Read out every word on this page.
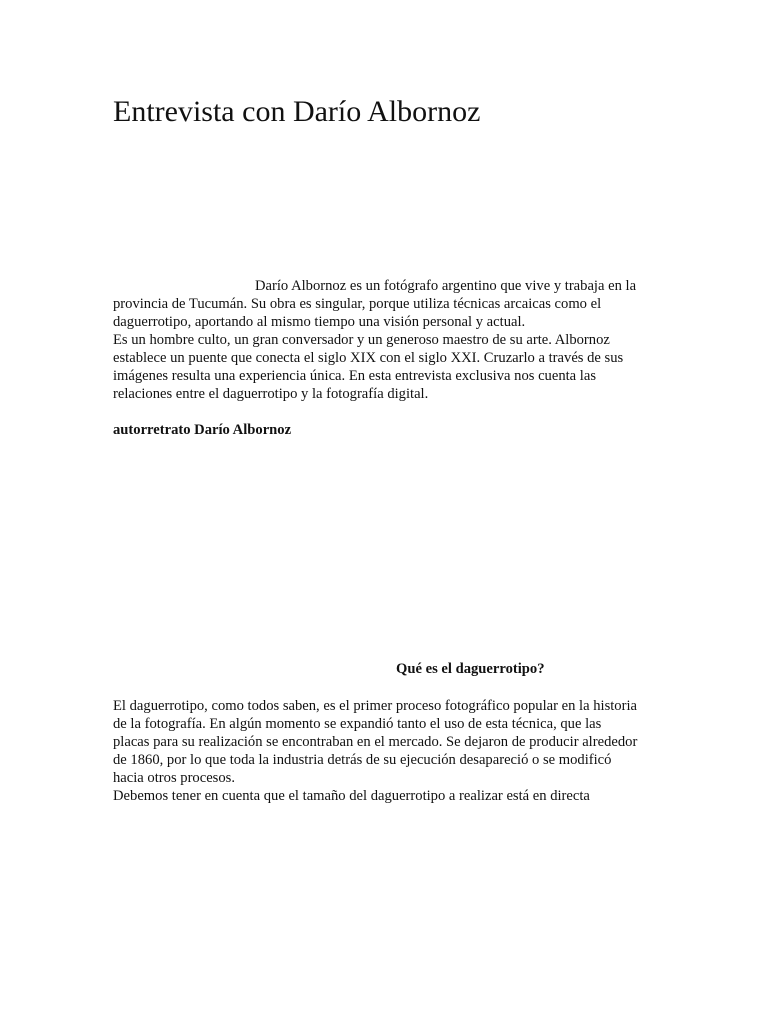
Entrevista con Darío Albornoz

Darío Albornoz es un fotógrafo argentino que vive y trabaja en la
provincia de Tucumán. Su obra es singular, porque utiliza técnicas arcaicas como el
daguerrotipo, aportando al mismo tiempo una visión personal y actual.
Es un hombre culto, un gran conversador y un generoso maestro de su arte. Albornoz
establece un puente que conecta el siglo XIX con el siglo XXI. Cruzarlo a través de sus
imágenes resulta una experiencia única. En esta entrevista exclusiva nos cuenta las
relaciones entre el daguerrotipo y la fotografía digital.

autorretrato Darío Albornoz

Qué es el daguerrotipo?

El daguerrotipo, como todos saben, es el primer proceso fotográfico popular en la historia
de la fotografía. En algún momento se expandió tanto el uso de esta técnica, que las
placas para su realización se encontraban en el mercado. Se dejaron de producir alrededor
de 1860, por lo que toda la industria detrás de su ejecución desapareció o se modificó
hacia otros procesos.
Debemos tener en cuenta que el tamaño del daguerrotipo a realizar está en directa
